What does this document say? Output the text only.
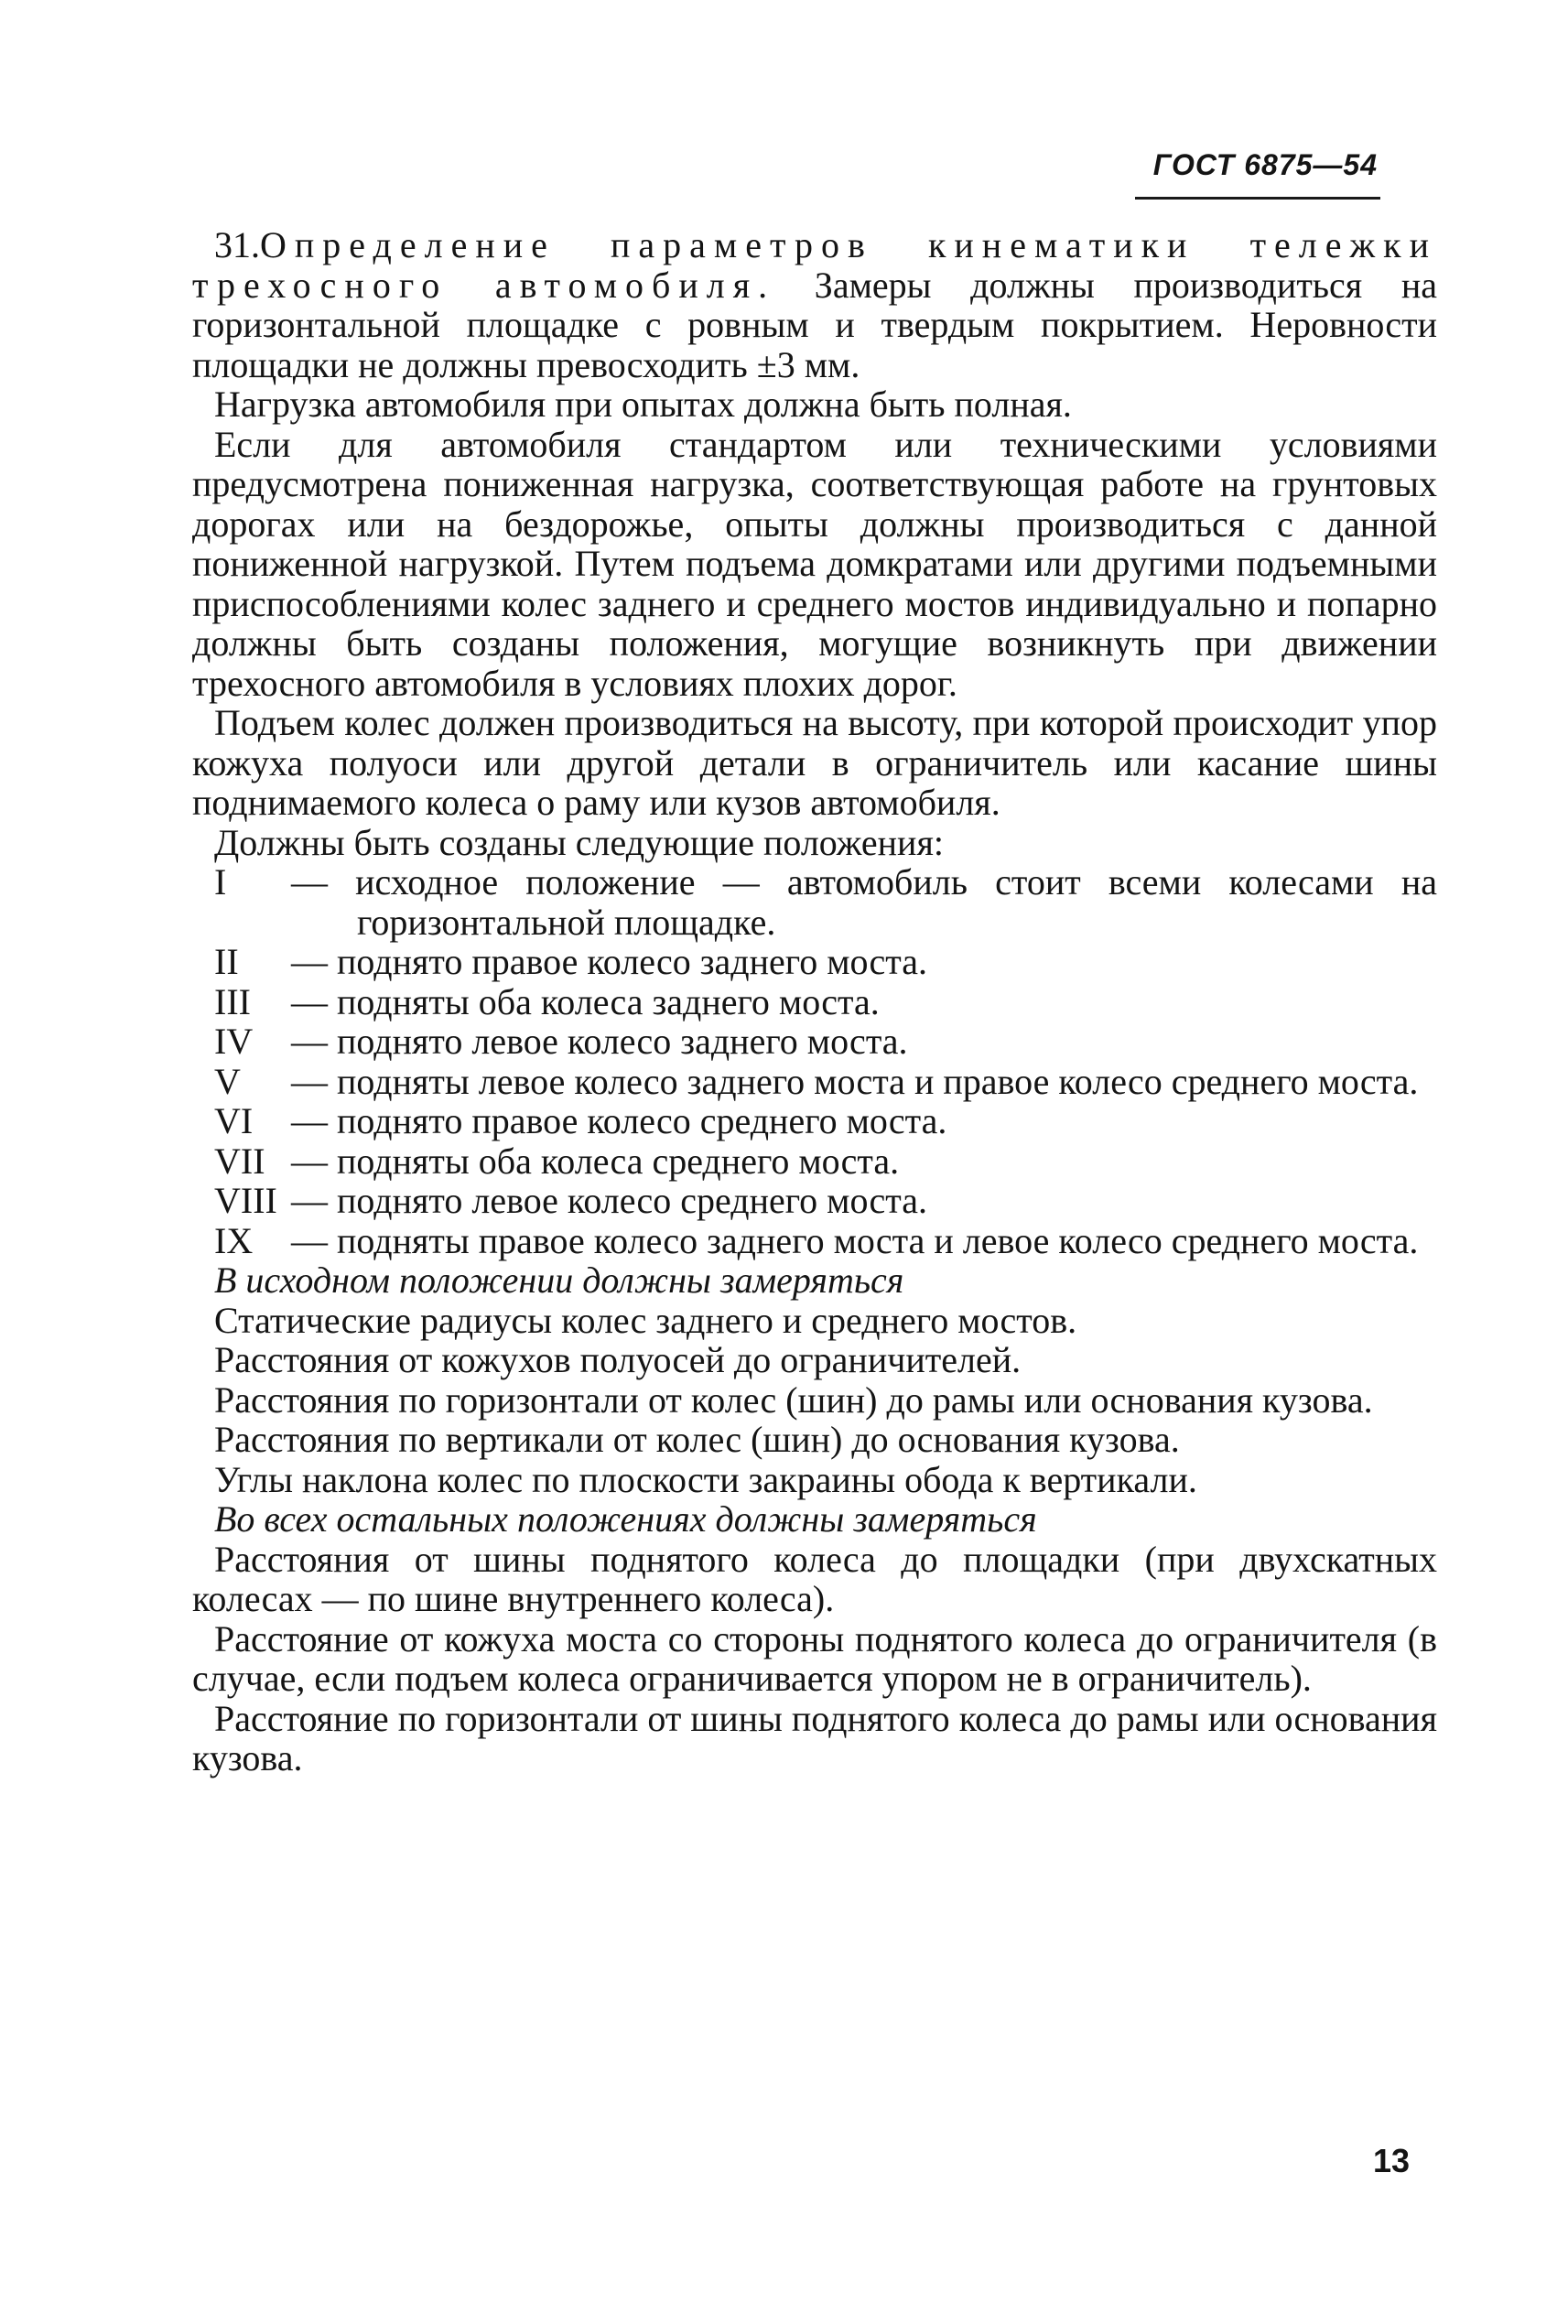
ГОСТ 6875—54

31.Определение параметров кинематики тележки трехосного автомобиля. Замеры должны производиться на горизонтальной площадке с ровным и твердым покрытием. Неровности площадки не должны превосходить ±3 мм.

Нагрузка автомобиля при опытах должна быть полная.

Если для автомобиля стандартом или техническими условиями предусмотрена пониженная нагрузка, соответствующая работе на грунтовых дорогах или на бездорожье, опыты должны производиться с данной пониженной нагрузкой. Путем подъема домкратами или другими подъемными приспособлениями колес заднего и среднего мостов индивидуально и попарно должны быть созданы положения, могущие возникнуть при движении трехосного автомобиля в условиях плохих дорог.

Подъем колес должен производиться на высоту, при которой происходит упор кожуха полуоси или другой детали в ограничитель или касание шины поднимаемого колеса о раму или кузов автомобиля.

Должны быть созданы следующие положения:

I	— исходное положение — автомобиль стоит всеми колесами на горизонтальной площадке.
II	— поднято правое колесо заднего моста.
III	— подняты оба колеса заднего моста.
IV	— поднято левое колесо заднего моста.
V	— подняты левое колесо заднего моста и правое колесо среднего моста.
VI	— поднято правое колесо среднего моста.
VII — подняты оба колеса среднего моста.
VIII — поднято левое колесо среднего моста.
IX	— подняты правое колесо заднего моста и левое колесо среднего моста.

В исходном положении должны замеряться

Статические радиусы колес заднего и среднего мостов.

Расстояния от кожухов полуосей до ограничителей.

Расстояния по горизонтали от колес (шин) до рамы или основания кузова.

Расстояния по вертикали от колес (шин) до основания кузова.

Углы наклона колес по плоскости закраины обода к вертикали.

Во всех остальных положениях должны замеряться

Расстояния от шины поднятого колеса до площадки (при двухскатных колесах — по шине внутреннего колеса).

Расстояние от кожуха моста со стороны поднятого колеса до ограничителя (в случае, если подъем колеса ограничивается упором не в ограничитель).

Расстояние по горизонтали от шины поднятого колеса до рамы или основания кузова.

13
